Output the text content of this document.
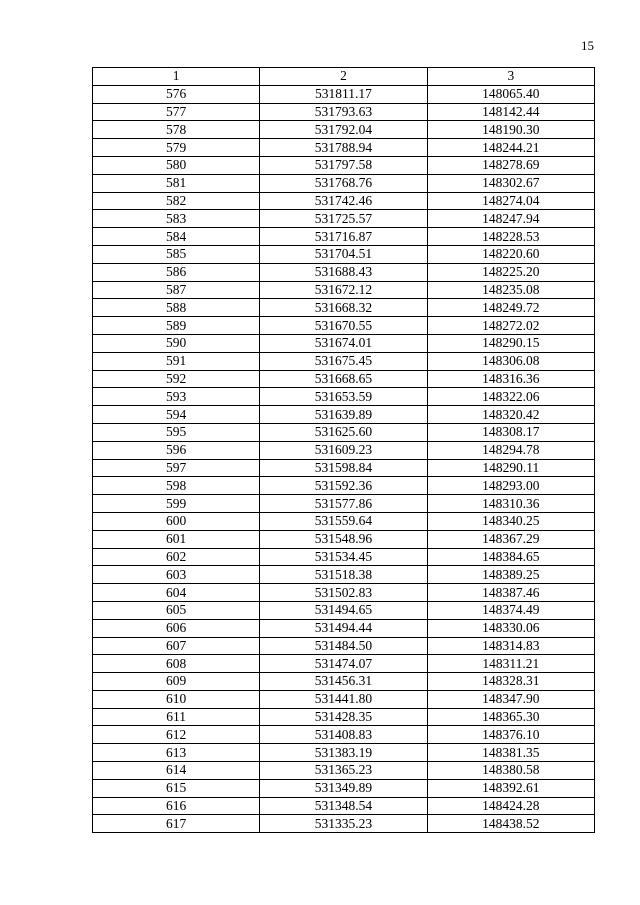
15
1	2	3
576	531811.17	148065.40
577	531793.63	148142.44
578	531792.04	148190.30
579	531788.94	148244.21
580	531797.58	148278.69
581	531768.76	148302.67
582	531742.46	148274.04
583	531725.57	148247.94
584	531716.87	148228.53
585	531704.51	148220.60
586	531688.43	148225.20
587	531672.12	148235.08
588	531668.32	148249.72
589	531670.55	148272.02
590	531674.01	148290.15
591	531675.45	148306.08
592	531668.65	148316.36
593	531653.59	148322.06
594	531639.89	148320.42
595	531625.60	148308.17
596	531609.23	148294.78
597	531598.84	148290.11
598	531592.36	148293.00
599	531577.86	148310.36
600	531559.64	148340.25
601	531548.96	148367.29
602	531534.45	148384.65
603	531518.38	148389.25
604	531502.83	148387.46
605	531494.65	148374.49
606	531494.44	148330.06
607	531484.50	148314.83
608	531474.07	148311.21
609	531456.31	148328.31
610	531441.80	148347.90
611	531428.35	148365.30
612	531408.83	148376.10
613	531383.19	148381.35
614	531365.23	148380.58
615	531349.89	148392.61
616	531348.54	148424.28
617	531335.23	148438.52
